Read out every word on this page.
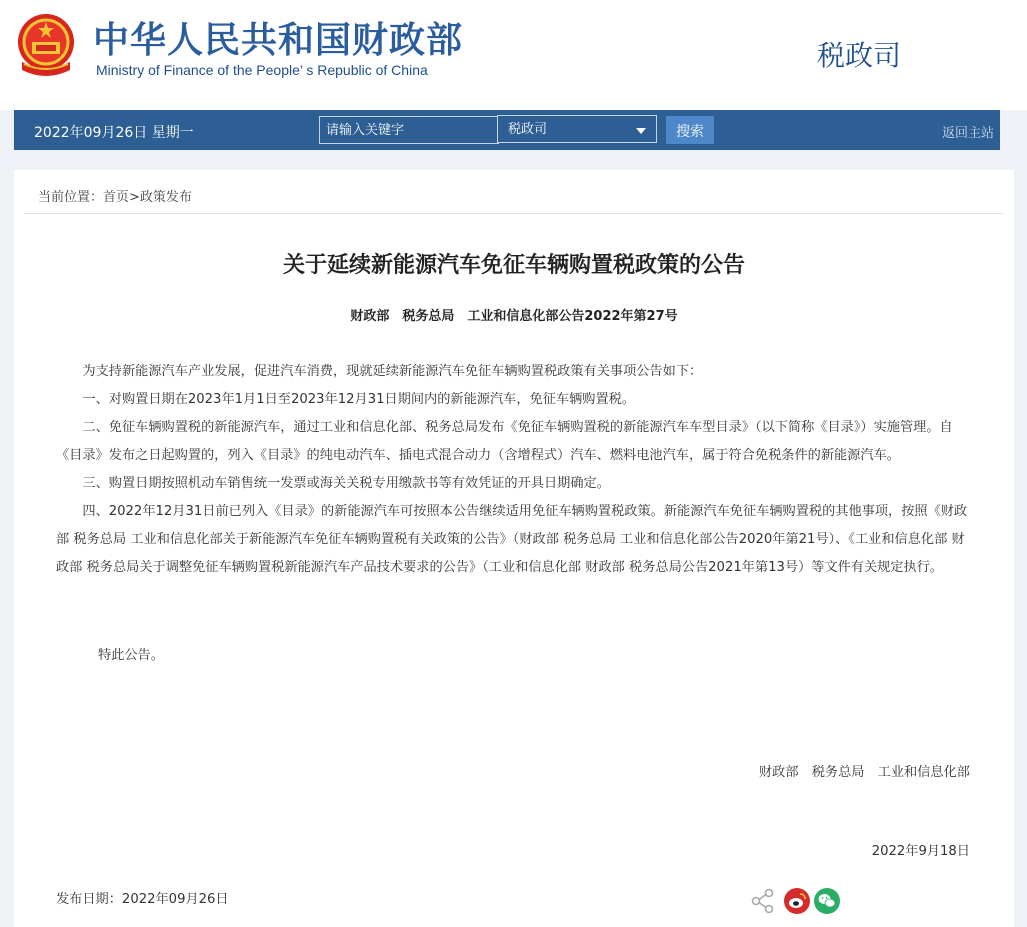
中华人民共和国财政部
Ministry of Finance of the People’ s Republic of China	税政司
2022年09月26日 星期一
请输入关键字	税政司	搜索	返回主站
当前位置：首页>政策发布
关于延续新能源汽车免征车辆购置税政策的公告
财政部　税务总局　工业和信息化部公告2022年第27号

为支持新能源汽车产业发展，促进汽车消费，现就延续新能源汽车免征车辆购置税政策有关事项公告如下：

一、对购置日期在2023年1月1日至2023年12月31日期间内的新能源汽车，免征车辆购置税。

二、免征车辆购置税的新能源汽车，通过工业和信息化部、税务总局发布《免征车辆购置税的新能源汽车车型目录》（以下简称《目录》）实施管理。自《目录》发布之日起购置的，列入《目录》的纯电动汽车、插电式混合动力（含增程式）汽车、燃料电池汽车，属于符合免税条件的新能源汽车。

三、购置日期按照机动车销售统一发票或海关关税专用缴款书等有效凭证的开具日期确定。

四、2022年12月31日前已列入《目录》的新能源汽车可按照本公告继续适用免征车辆购置税政策。新能源汽车免征车辆购置税的其他事项，按照《财政部 税务总局 工业和信息化部关于新能源汽车免征车辆购置税有关政策的公告》（财政部 税务总局 工业和信息化部公告2020年第21号）、《工业和信息化部 财政部 税务总局关于调整免征车辆购置税新能源汽车产品技术要求的公告》（工业和信息化部 财政部 税务总局公告2021年第13号）等文件有关规定执行。

特此公告。
财政部　税务总局　工业和信息化部
2022年9月18日
发布日期：2022年09月26日
